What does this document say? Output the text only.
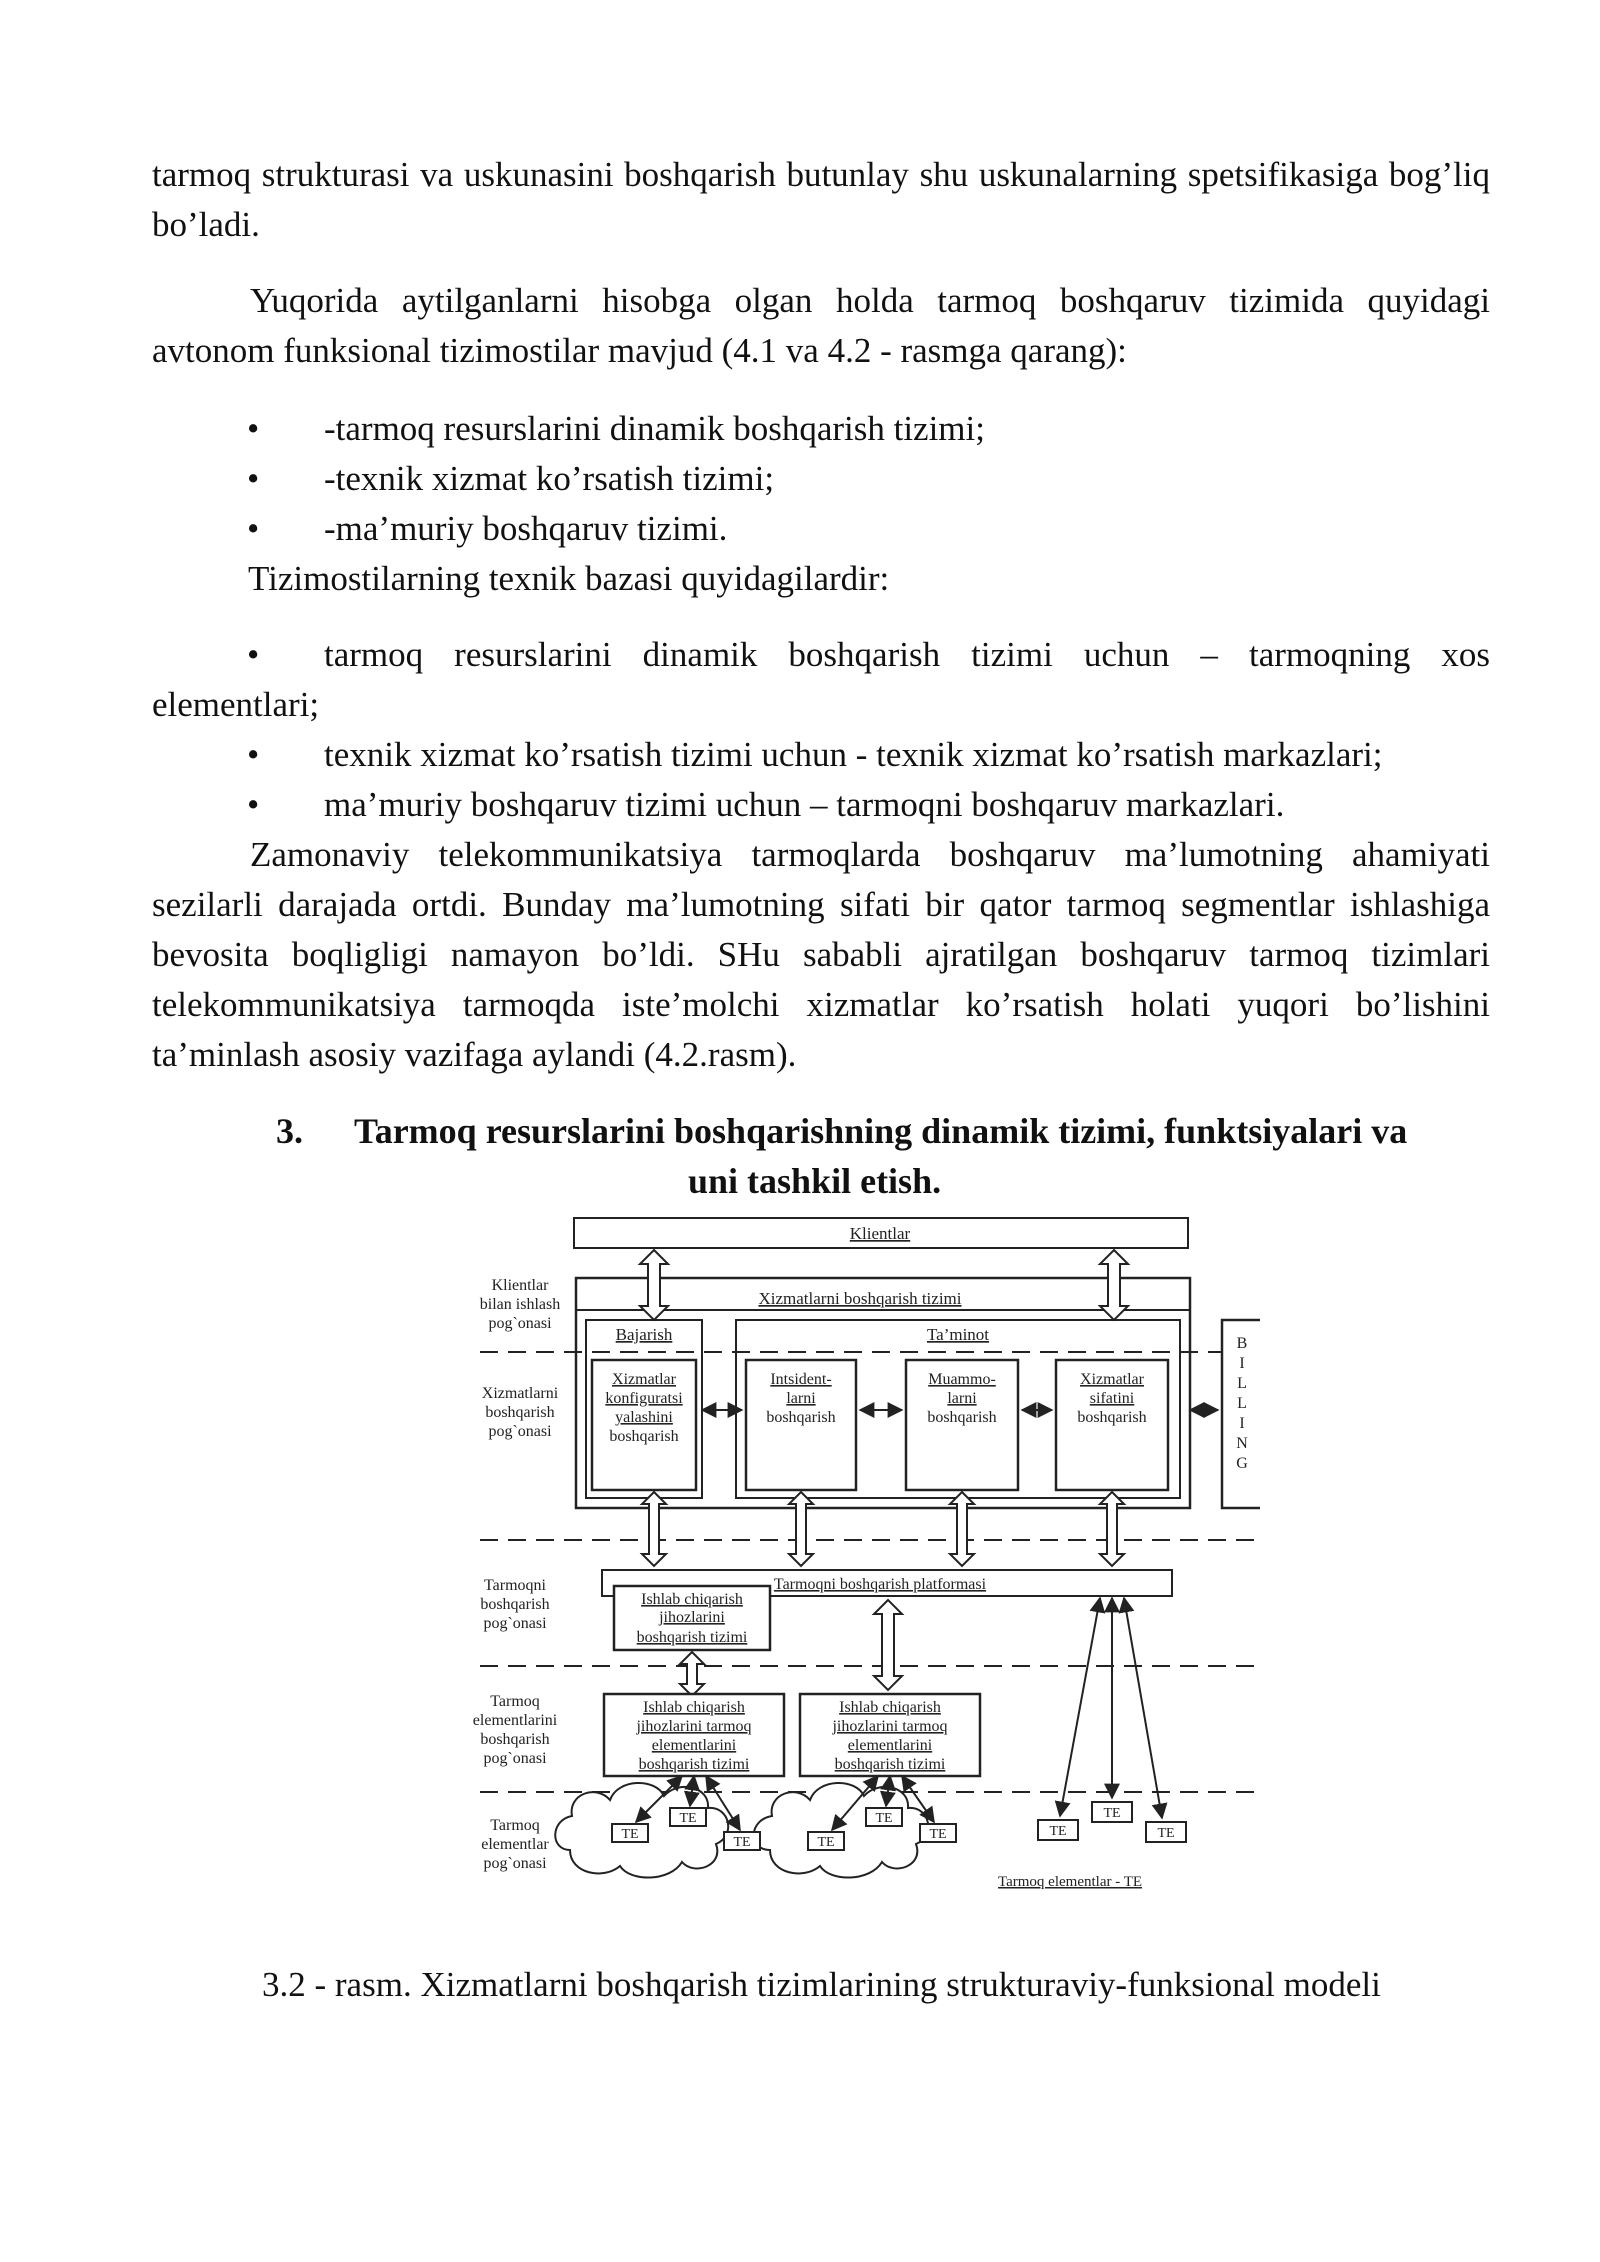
tarmoq strukturasi va uskunasini boshqarish butunlay shu uskunalarning spetsifikasiga bog’liq bo’ladi.

Yuqorida aytilganlarni hisobga olgan holda tarmoq boshqaruv tizimida quyidagi avtonom funksional tizimostilar mavjud (4.1 va 4.2 - rasmga qarang):

•	-tarmoq resurslarini dinamik boshqarish tizimi;
•	-texnik xizmat ko’rsatish tizimi;
•	-ma’muriy boshqaruv tizimi.

Tizimostilarning texnik bazasi quyidagilardir:

•	tarmoq resurslarini dinamik boshqarish tizimi uchun – tarmoqning xos

elementlari;

•	texnik xizmat ko’rsatish tizimi uchun - texnik xizmat ko’rsatish markazlari;
•	ma’muriy boshqaruv tizimi uchun – tarmoqni boshqaruv markazlari.

Zamonaviy telekommunikatsiya tarmoqlarda boshqaruv ma’lumotning ahamiyati sezilarli darajada ortdi. Bunday ma’lumotning sifati bir qator tarmoq segmentlar ishlashiga bevosita boqligligi namayon bo’ldi. SHu sababli ajratilgan boshqaruv tarmoq tizimlari telekommunikatsiya tarmoqda iste’molchi xizmatlar ko’rsatish holati yuqori bo’lishini ta’minlash asosiy vazifaga aylandi (4.2.rasm).

3. Tarmoq resurslarini boshqarishning dinamik tizimi, funktsiyalari va
uni tashkil etish.
Klientlar
Klientlar
bilan ishlash
pog`onasi
Xizmatlarni
boshqarish
pog`onasi
Tarmoqni
boshqarish
pog`onasi
Tarmoq
elementlarini
boshqarish
pog`onasi
Tarmoq
elementlar
pog`onasi
Xizmatlarni boshqarish tizimi
Bajarish	Ta’minot
Xizmatlar
konfiguratsi
yalashini
boshqarish
Intsident-
larni
boshqarish
Muammo-
larni
boshqarish
Xizmatlar
sifatini
boshqarish
B
I
L
L
I
N
G
Tarmoqni boshqarish platformasi
Ishlab chiqarish
jihozlarini
boshqarish tizimi
Ishlab chiqarish
jihozlarini tarmoq
elementlarini
boshqarish tizimi
Ishlab chiqarish
jihozlarini tarmoq
elementlarini
boshqarish tizimi
TE
TE
TE	TE
TE
TE	TE
TE
TE
Tarmoq elementlar - TE
3.2 - rasm. Xizmatlarni boshqarish tizimlarining strukturaviy-funksional modeli
